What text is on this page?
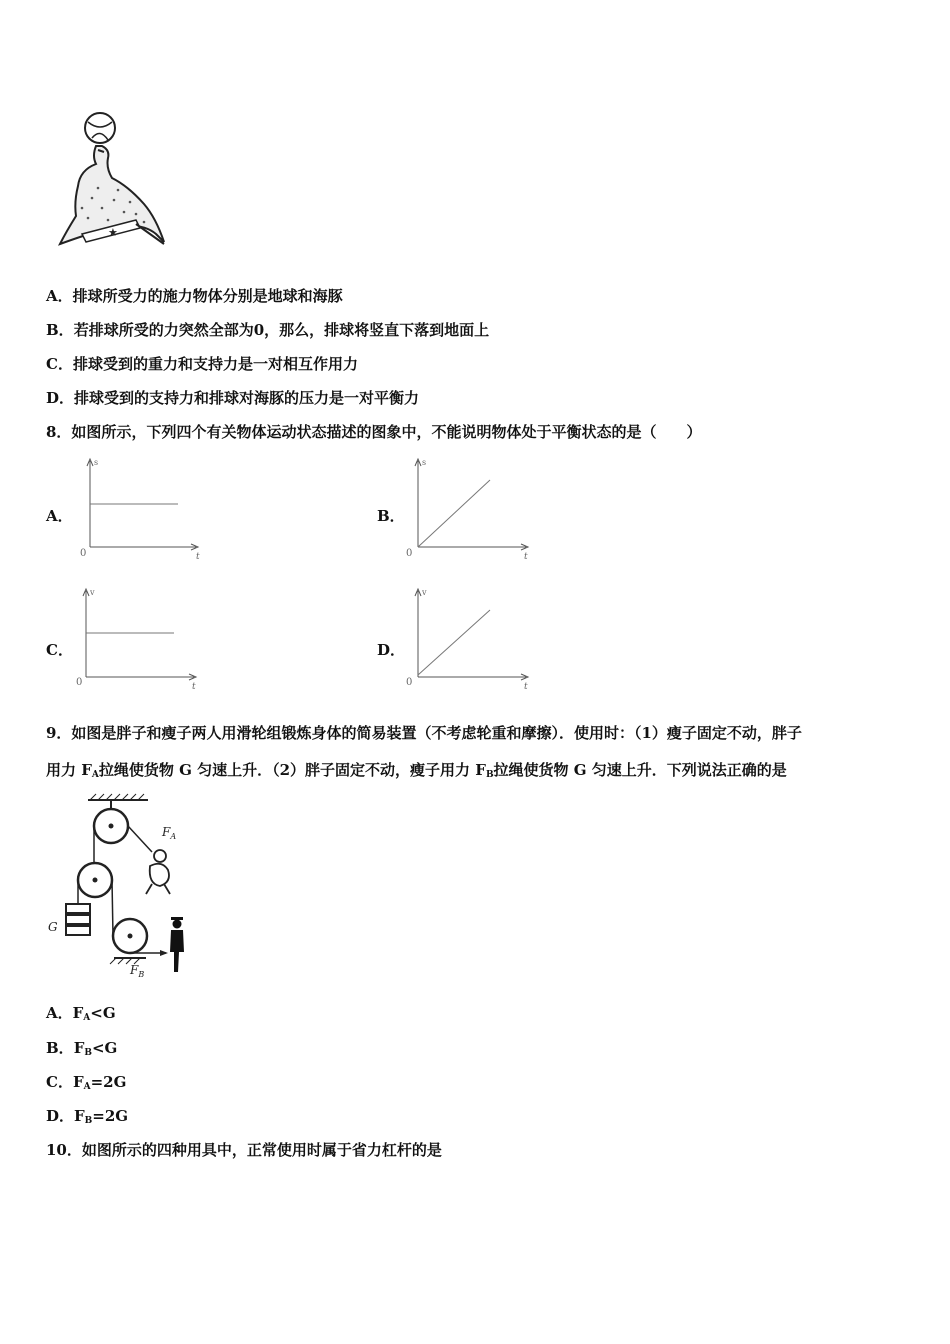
★
A．排球所受力的施力物体分别是地球和海豚
B．若排球所受的力突然全部为0，那么，排球将竖直下落到地面上
C．排球受到的重力和支持力是一对相互作用力
D．排球受到的支持力和排球对海豚的压力是一对平衡力
8．如图所示，下列四个有关物体运动状态描述的图象中，不能说明物体处于平衡状态的是（　　）
A．
s
t
0
B．
s
t
0
C．
v
t
0
D．
v
t
0
9．如图是胖子和瘦子两人用滑轮组锻炼身体的简易装置（不考虑轮重和摩擦）．使用时：（1）瘦子固定不动，胖子
用力 $F_A$拉绳使货物 G 匀速上升．（2）胖子固定不动，瘦子用力 $F_B$拉绳使货物 G 匀速上升．下列说法正确的是
G
$F_A$
$F_B$
A．$F_A<G$
B．$F_B<G$
C．$F_A=2G$
D．$F_B=2G$
10．如图所示的四种用具中，正常使用时属于省力杠杆的是
